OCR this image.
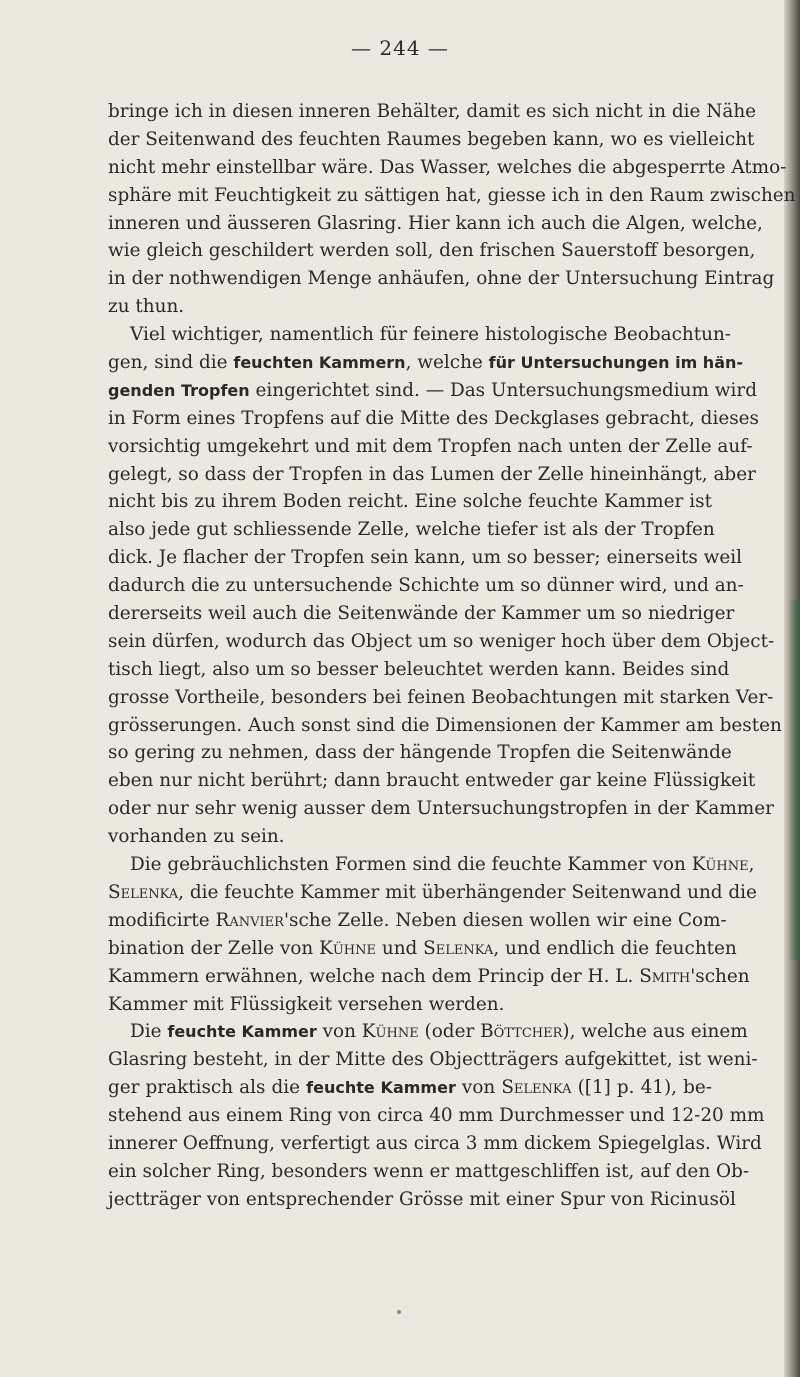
— 244 —
bringe ich in diesen inneren Behälter, damit es sich nicht in die Nähe
der Seitenwand des feuchten Raumes begeben kann, wo es vielleicht
nicht mehr einstellbar wäre. Das Wasser, welches die abgesperrte Atmo-
sphäre mit Feuchtigkeit zu sättigen hat, giesse ich in den Raum zwischen
inneren und äusseren Glasring. Hier kann ich auch die Algen, welche,
wie gleich geschildert werden soll, den frischen Sauerstoff besorgen,
in der nothwendigen Menge anhäufen, ohne der Untersuchung Eintrag
zu thun.
Viel wichtiger, namentlich für feinere histologische Beobachtun-
gen, sind die feuchten Kammern, welche für Untersuchungen im hän-
genden Tropfen eingerichtet sind. — Das Untersuchungsmedium wird
in Form eines Tropfens auf die Mitte des Deckglases gebracht, dieses
vorsichtig umgekehrt und mit dem Tropfen nach unten der Zelle auf-
gelegt, so dass der Tropfen in das Lumen der Zelle hineinhängt, aber
nicht bis zu ihrem Boden reicht. Eine solche feuchte Kammer ist
also jede gut schliessende Zelle, welche tiefer ist als der Tropfen
dick. Je flacher der Tropfen sein kann, um so besser; einerseits weil
dadurch die zu untersuchende Schichte um so dünner wird, und an-
dererseits weil auch die Seitenwände der Kammer um so niedriger
sein dürfen, wodurch das Object um so weniger hoch über dem Object-
tisch liegt, also um so besser beleuchtet werden kann. Beides sind
grosse Vortheile, besonders bei feinen Beobachtungen mit starken Ver-
grösserungen. Auch sonst sind die Dimensionen der Kammer am besten
so gering zu nehmen, dass der hängende Tropfen die Seitenwände
eben nur nicht berührt; dann braucht entweder gar keine Flüssigkeit
oder nur sehr wenig ausser dem Untersuchungstropfen in der Kammer
vorhanden zu sein.
Die gebräuchlichsten Formen sind die feuchte Kammer von Kühne,
Selenka, die feuchte Kammer mit überhängender Seitenwand und die
modificirte Ranvier'sche Zelle. Neben diesen wollen wir eine Com-
bination der Zelle von Kühne und Selenka, und endlich die feuchten
Kammern erwähnen, welche nach dem Princip der H. L. Smith'schen
Kammer mit Flüssigkeit versehen werden.
Die feuchte Kammer von Kühne (oder Böttcher), welche aus einem
Glasring besteht, in der Mitte des Objectträgers aufgekittet, ist weni-
ger praktisch als die feuchte Kammer von Selenka ([1] p. 41), be-
stehend aus einem Ring von circa 40 mm Durchmesser und 12-20 mm
innerer Oeffnung, verfertigt aus circa 3 mm dickem Spiegelglas. Wird
ein solcher Ring, besonders wenn er mattgeschliffen ist, auf den Ob-
jectträger von entsprechender Grösse mit einer Spur von Ricinusöl
